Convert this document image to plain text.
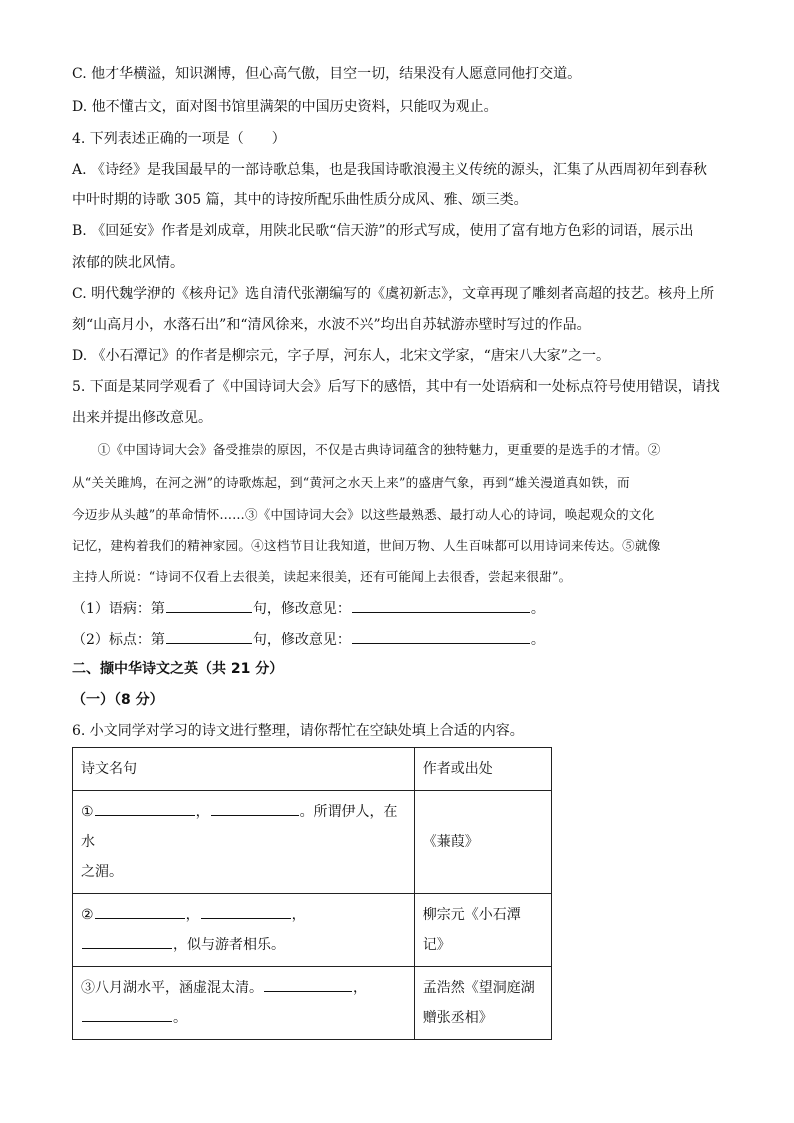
C. 他才华横溢，知识渊博，但心高气傲，目空一切，结果没有人愿意同他打交道。
D. 他不懂古文，面对图书馆里满架的中国历史资料，只能叹为观止。
4. 下列表述正确的一项是（　　）
A. 《诗经》是我国最早的一部诗歌总集，也是我国诗歌浪漫主义传统的源头，汇集了从西周初年到春秋
中叶时期的诗歌 305 篇，其中的诗按所配乐曲性质分成风、雅、颂三类。
B. 《回延安》作者是刘成章，用陕北民歌“信天游”的形式写成，使用了富有地方色彩的词语，展示出
浓郁的陕北风情。
C. 明代魏学洢的《核舟记》选自清代张潮编写的《虞初新志》，文章再现了雕刻者高超的技艺。核舟上所
刻“山高月小，水落石出”和“清风徐来，水波不兴”均出自苏轼游赤壁时写过的作品。
D. 《小石潭记》的作者是柳宗元，字子厚，河东人，北宋文学家，“唐宋八大家”之一。
5. 下面是某同学观看了《中国诗词大会》后写下的感悟，其中有一处语病和一处标点符号使用错误，请找
出来并提出修改意见。
　　①《中国诗词大会》备受推崇的原因，不仅是古典诗词蕴含的独特魅力，更重要的是选手的才情。②
从“关关雎鸠，在河之洲”的诗歌炼起，到“黄河之水天上来”的盛唐气象，再到“雄关漫道真如铁，而
今迈步从头越”的革命情怀……③《中国诗词大会》以这些最熟悉、最打动人心的诗词，唤起观众的文化
记忆，建构着我们的精神家园。④这档节目让我知道，世间万物、人生百味都可以用诗词来传达。⑤就像
主持人所说：“诗词不仅看上去很美，读起来很美，还有可能闻上去很香，尝起来很甜”。
（1）语病：第	句，修改意见：	。
（2）标点：第	句，修改意见：	。
二、撷中华诗文之英（共 21 分）
（一）（8 分）
6. 小文同学对学习的诗文进行整理，请你帮忙在空缺处填上合适的内容。
诗文名句	作者或出处
① ， 。所谓伊人，在水
之湄。	《蒹葭》
② ， ，
，似与游者相乐。	柳宗元《小石潭
记》
③八月湖水平，涵虚混太清。 ，
。	孟浩然《望洞庭湖
赠张丞相》
